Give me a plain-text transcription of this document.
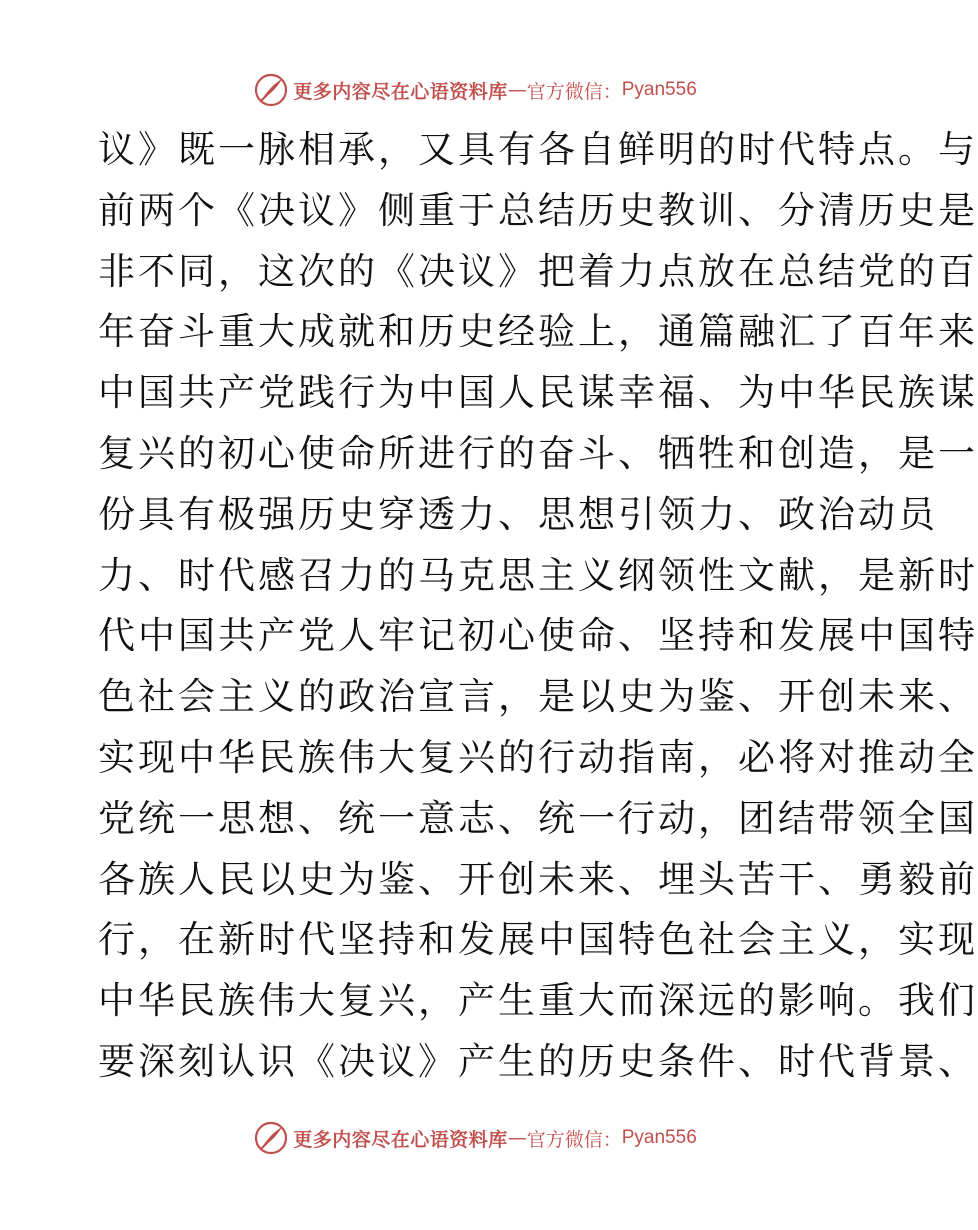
更多内容尽在心语资料库 — 官方微信： Pyan556
议》既一脉相承，又具有各自鲜明的时代特点。与
前两个《决议》侧重于总结历史教训、分清历史是
非不同，这次的《决议》把着力点放在总结党的百
年奋斗重大成就和历史经验上，通篇融汇了百年来
中国共产党践行为中国人民谋幸福、为中华民族谋
复兴的初心使命所进行的奋斗、牺牲和创造，是一
份具有极强历史穿透力、思想引领力、政治动员
力、时代感召力的马克思主义纲领性文献，是新时
代中国共产党人牢记初心使命、坚持和发展中国特
色社会主义的政治宣言，是以史为鉴、开创未来、
实现中华民族伟大复兴的行动指南，必将对推动全
党统一思想、统一意志、统一行动，团结带领全国
各族人民以史为鉴、开创未来、埋头苦干、勇毅前
行，在新时代坚持和发展中国特色社会主义，实现
中华民族伟大复兴，产生重大而深远的影响。我们
要深刻认识《决议》产生的历史条件、时代背景、
更多内容尽在心语资料库 — 官方微信： Pyan556
